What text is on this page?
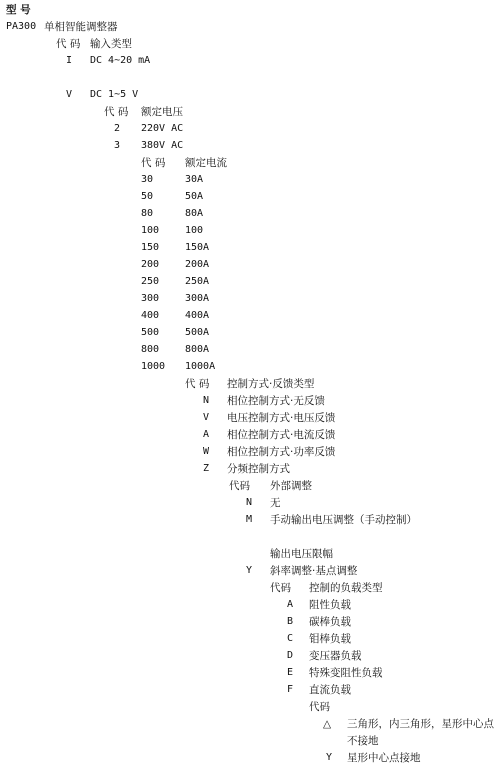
型 号
PA300 单相智能调整器
代 码 输入类型
I DC 4~20 mA
V DC 1~5 V
代 码 额定电压
2 220V AC
3 380V AC
代 码 额定电流
30	30A
50	50A
80	80A
100	100
150	150A
200	200A
250	250A
300	300A
400	400A
500	500A
800	800A
1000 1000A
代 码 控制方式·反馈类型
N 相位控制方式·无反馈
V 电压控制方式·电压反馈
A 相位控制方式·电流反馈
W 相位控制方式·功率反馈
Z 分频控制方式
代码 外部调整
N 无
M 手动输出电压调整（手动控制）
输出电压限幅
Y 斜率调整·基点调整
代码 控制的负载类型
A 阻性负载
B 碳棒负载
C 钼棒负载
D 变压器负载
E 特殊变阻性负载
F 直流负载
代码
△ 三角形，内三角形，星形中心点
不接地
Y 星形中心点接地
